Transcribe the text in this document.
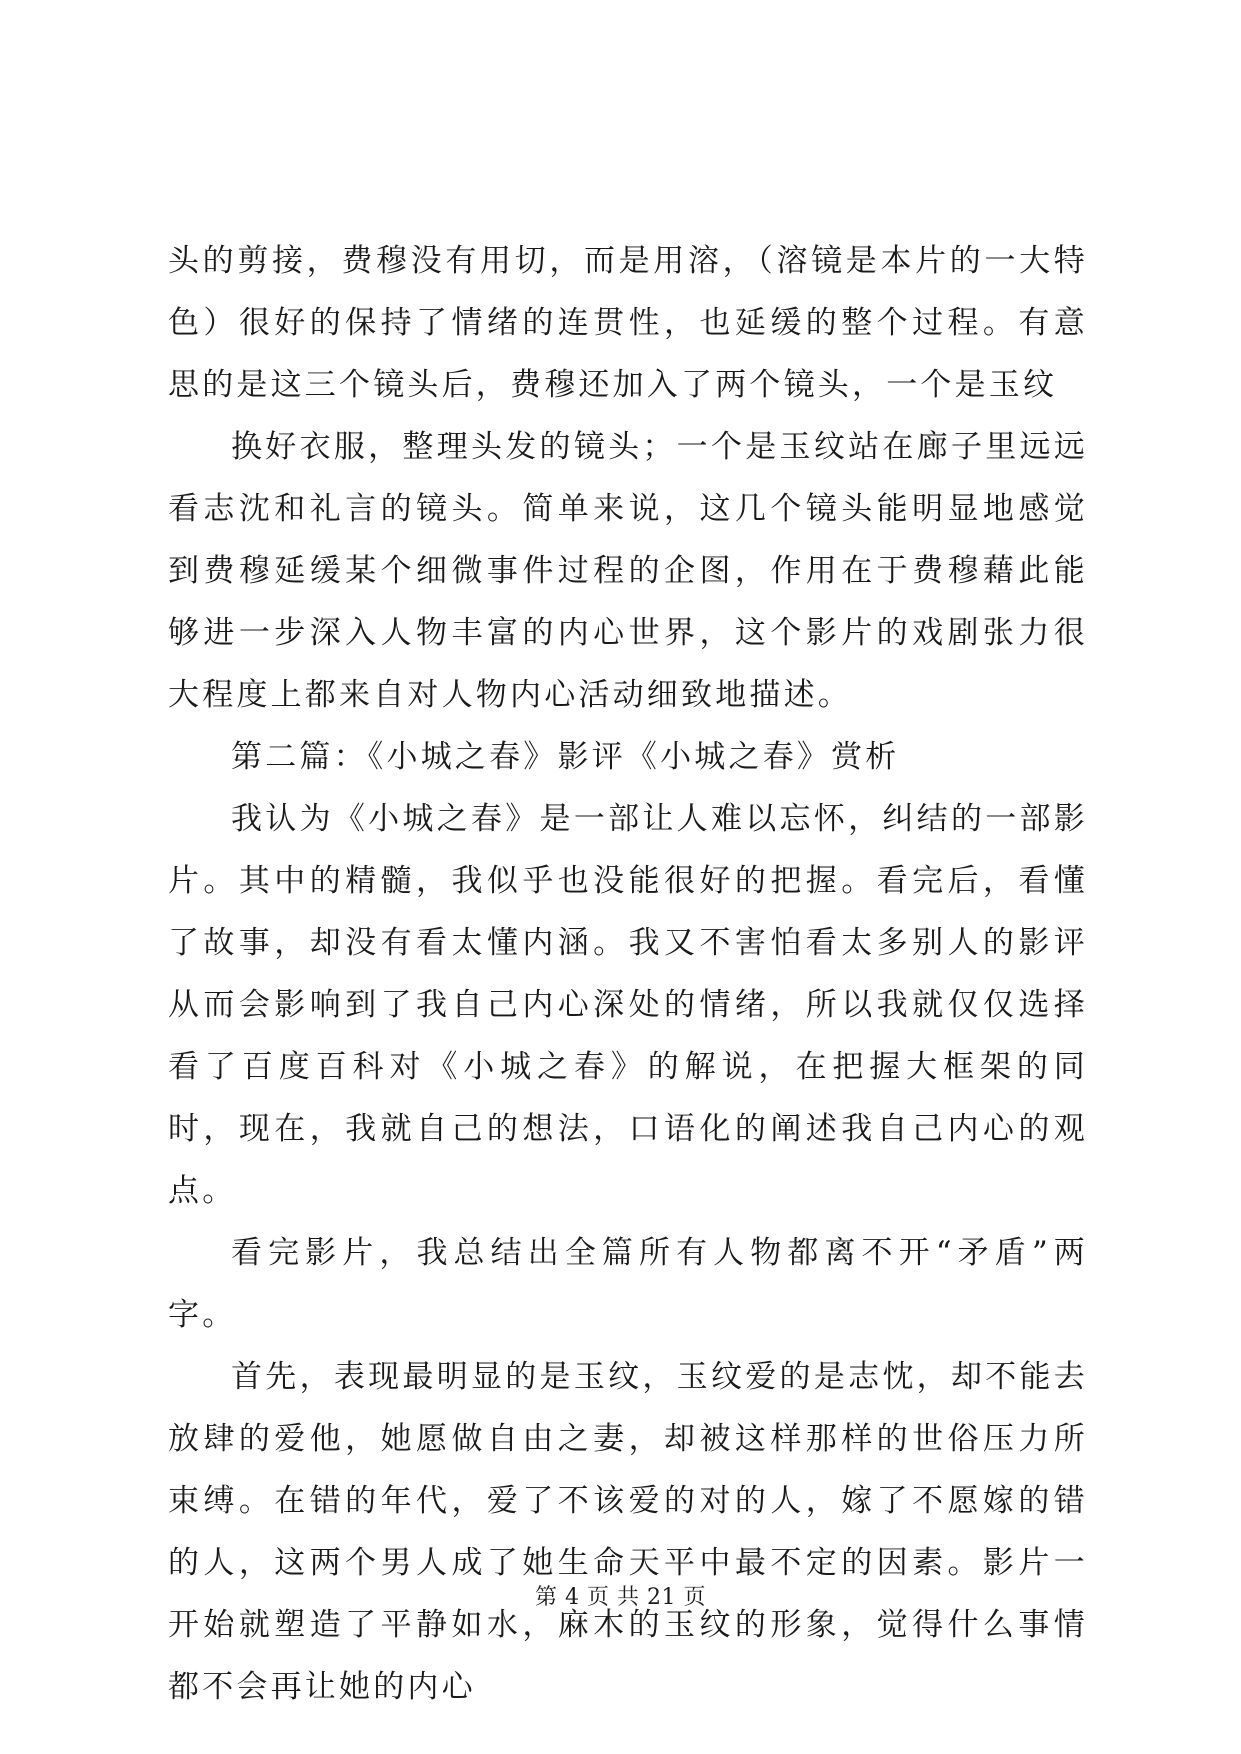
头的剪接，费穆没有用切，而是用溶，（溶镜是本片的一大特色）很好的保持了情绪的连贯性，也延缓的整个过程。有意思的是这三个镜头后，费穆还加入了两个镜头，一个是玉纹

换好衣服，整理头发的镜头；一个是玉纹站在廊子里远远看志沈和礼言的镜头。简单来说，这几个镜头能明显地感觉到费穆延缓某个细微事件过程的企图，作用在于费穆藉此能够进一步深入人物丰富的内心世界，这个影片的戏剧张力很大程度上都来自对人物内心活动细致地描述。

第二篇：《小城之春》影评《小城之春》赏析

我认为《小城之春》是一部让人难以忘怀，纠结的一部影片。其中的精髓，我似乎也没能很好的把握。看完后，看懂了故事，却没有看太懂内涵。我又不害怕看太多别人的影评从而会影响到了我自己内心深处的情绪，所以我就仅仅选择看了百度百科对《小城之春》的解说，在把握大框架的同时，现在，我就自己的想法，口语化的阐述我自己内心的观点。

看完影片，我总结出全篇所有人物都离不开“矛盾”两字。

首先，表现最明显的是玉纹，玉纹爱的是志忱，却不能去放肆的爱他，她愿做自由之妻，却被这样那样的世俗压力所束缚。在错的年代，爱了不该爱的对的人，嫁了不愿嫁的错的人，这两个男人成了她生命天平中最不定的因素。影片一开始就塑造了平静如水，麻木的玉纹的形象，觉得什么事情都不会再让她的内心

第 4 页 共 21 页
